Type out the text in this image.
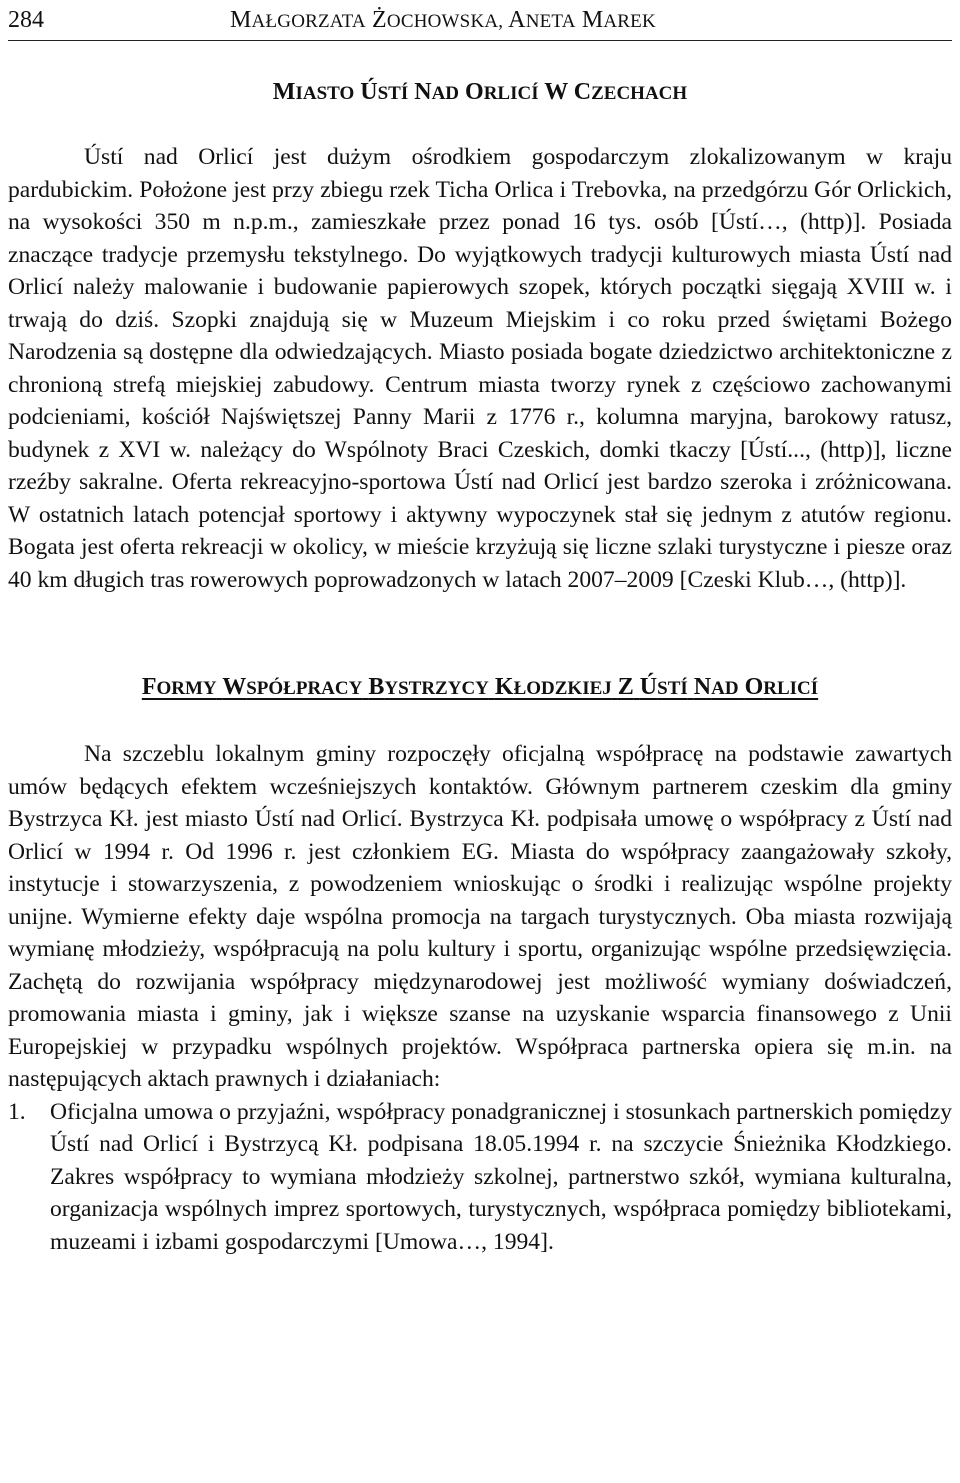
284	MAŁGORZATA ŻOCHOWSKA, ANETA MAREK
MIASTO ÚSTÍ NAD ORLICÍ W CZECHACH

Ústí nad Orlicí jest dużym ośrodkiem gospodarczym zlokalizowanym w kraju pardubickim. Położone jest przy zbiegu rzek Ticha Orlica i Trebovka, na przedgórzu Gór Orlickich, na wysokości 350 m n.p.m., zamieszkałe przez ponad 16 tys. osób [Ústí…, (http)]. Posiada znaczące tradycje przemysłu tekstylnego. Do wyjątkowych tradycji kulturowych miasta Ústí nad Orlicí należy malowanie i budowanie papierowych szopek, których początki sięgają XVIII w. i trwają do dziś. Szopki znajdują się w Muzeum Miejskim i co roku przed świętami Bożego Narodzenia są dostępne dla odwiedzających. Miasto posiada bogate dziedzictwo architektoniczne z chronioną strefą miejskiej zabudowy. Centrum miasta tworzy rynek z częściowo zachowanymi podcieniami, kościół Najświętszej Panny Marii z 1776 r., kolumna maryjna, barokowy ratusz, budynek z XVI w. należący do Wspólnoty Braci Czeskich, domki tkaczy [Ústí..., (http)], liczne rzeźby sakralne. Oferta rekreacyjno-sportowa Ústí nad Orlicí jest bardzo szeroka i zróżnicowana. W ostatnich latach potencjał sportowy i aktywny wypoczynek stał się jednym z atutów regionu. Bogata jest oferta rekreacji w okolicy, w mieście krzyżują się liczne szlaki turystyczne i piesze oraz 40 km długich tras rowerowych poprowadzonych w latach 2007–2009 [Czeski Klub…, (http)].

FORMY WSPÓŁPRACY BYSTRZYCY KŁODZKIEJ Z ÚSTÍ NAD ORLICÍ

Na szczeblu lokalnym gminy rozpoczęły oficjalną współpracę na podstawie zawartych umów będących efektem wcześniejszych kontaktów. Głównym partnerem czeskim dla gminy Bystrzyca Kł. jest miasto Ústí nad Orlicí. Bystrzyca Kł. podpisała umowę o współpracy z Ústí nad Orlicí w 1994 r. Od 1996 r. jest członkiem EG. Miasta do współpracy zaangażowały szkoły, instytucje i stowarzyszenia, z powodzeniem wnioskując o środki i realizując wspólne projekty unijne. Wymierne efekty daje wspólna promocja na targach turystycznych. Oba miasta rozwijają wymianę młodzieży, współpracują na polu kultury i sportu, organizując wspólne przedsięwzięcia. Zachętą do rozwijania współpracy międzynarodowej jest możliwość wymiany doświadczeń, promowania miasta i gminy, jak i większe szanse na uzyskanie wsparcia finansowego z Unii Europejskiej w przypadku wspólnych projektów. Współpraca partnerska opiera się m.in. na następujących aktach prawnych i działaniach:

1. Oficjalna umowa o przyjaźni, współpracy ponadgranicznej i stosunkach partnerskich pomiędzy Ústí nad Orlicí i Bystrzycą Kł. podpisana 18.05.1994 r. na szczycie Śnieżnika Kłodzkiego. Zakres współpracy to wymiana młodzieży szkolnej, partnerstwo szkół, wymiana kulturalna, organizacja wspólnych imprez sportowych, turystycznych, współpraca pomiędzy bibliotekami, muzeami i izbami gospodarczymi [Umowa…, 1994].
